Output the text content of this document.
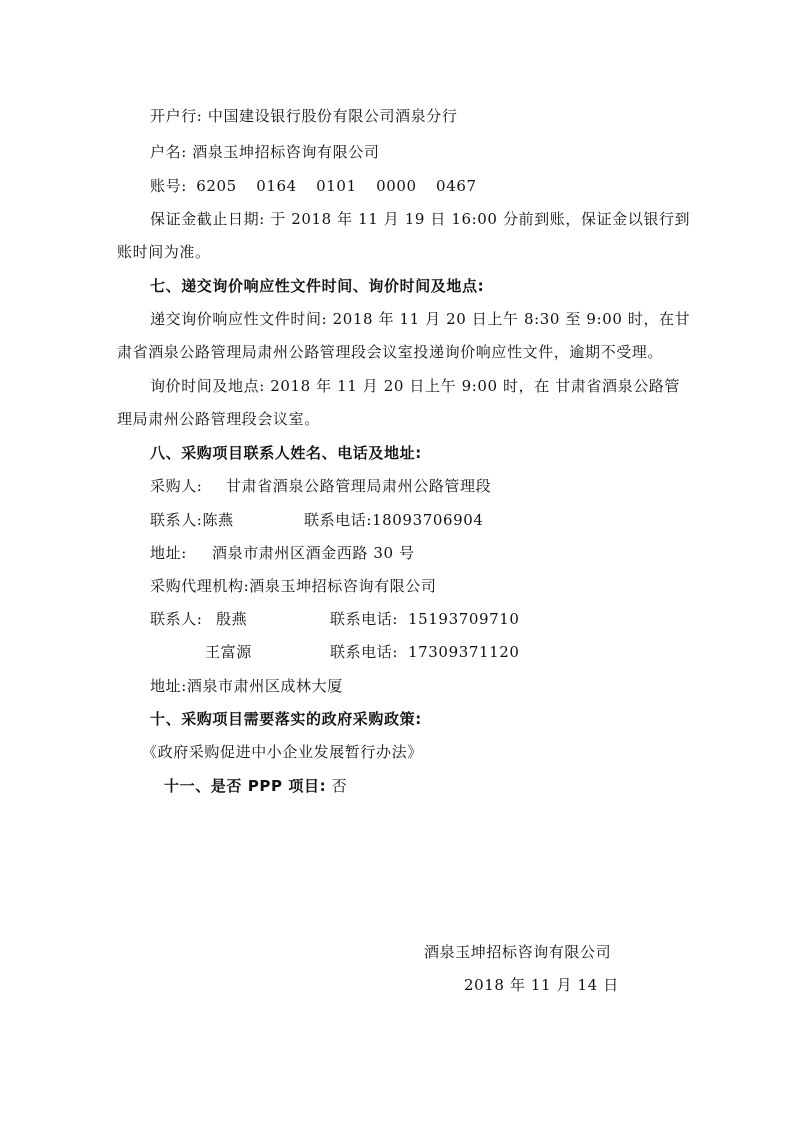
开户行: 中国建设银行股份有限公司酒泉分行
户名: 酒泉玉坤招标咨询有限公司
账号: 6205 0164 0101 0000 0467
保证金截止日期: 于 2018 年 11 月 19 日 16:00 分前到账，保证金以银行到
账时间为准。
七、递交询价响应性文件时间、询价时间及地点:
递交询价响应性文件时间: 2018 年 11 月 20 日上午 8:30 至 9:00 时，在甘
肃省酒泉公路管理局肃州公路管理段会议室投递询价响应性文件，逾期不受理。
询价时间及地点: 2018 年 11 月 20 日上午 9:00 时，在 甘肃省酒泉公路管
理局肃州公路管理段会议室。
八、采购项目联系人姓名、电话及地址:
采购人: 甘肃省酒泉公路管理局肃州公路管理段
联系人:陈燕	联系电话: 18093706904
地址: 酒泉市肃州区酒金西路 30 号
采购代理机构:酒泉玉坤招标咨询有限公司
联系人: 殷燕	联系电话: 15193709710
王富源	联系电话: 17309371120
地址:酒泉市肃州区成林大厦
十、采购项目需要落实的政府采购政策:
《政府采购促进中小企业发展暂行办法》
十一、是否 PPP 项目: 否
酒泉玉坤招标咨询有限公司
2018 年 11 月 14 日
